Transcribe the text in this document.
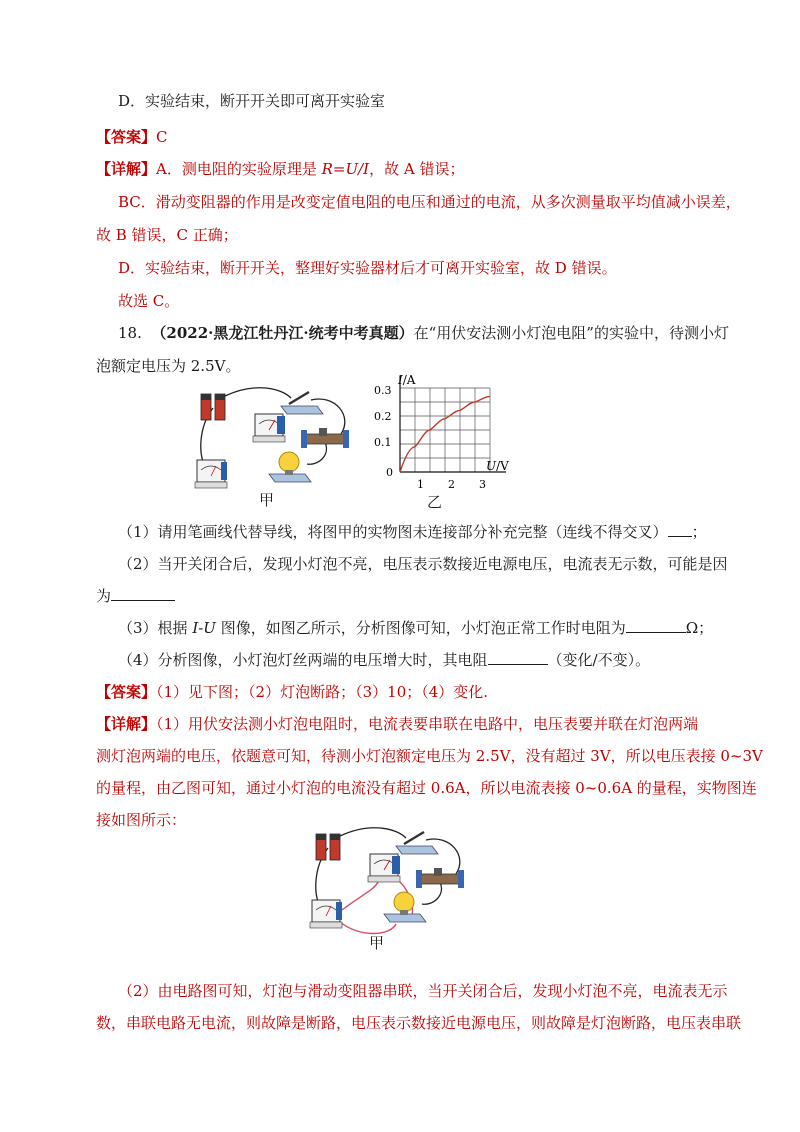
D．实验结束，断开开关即可离开实验室
【答案】C
【详解】A．测电阻的实验原理是 R=U/I，故 A 错误；
BC．滑动变阻器的作用是改变定值电阻的电压和通过的电流，从多次测量取平均值减小误差，
故 B 错误，C 正确；
D．实验结束，断开开关，整理好实验器材后才可离开实验室，故 D 错误。
故选 C。
18. （2022·黑龙江牡丹江·统考中考真题）在“用伏安法测小灯泡电阻”的实验中，待测小灯
泡额定电压为 2.5V。
甲
I/A
U/V
0.3
0.2
0.1
0
1 2 3
乙
（1）请用笔画线代替导线，将图甲的实物图未连接部分补充完整（连线不得交叉） ；
（2）当开关闭合后，发现小灯泡不亮，电压表示数接近电源电压，电流表无示数，可能是因
为
（3）根据 I-U 图像，如图乙所示，分析图像可知，小灯泡正常工作时电阻为	Ω；
（4）分析图像，小灯泡灯丝两端的电压增大时，其电阻	（变化/不变）。
【答案】（1）见下图；（2）灯泡断路；（3）10；（4）变化.
【详解】（1）用伏安法测小灯泡电阻时，电流表要串联在电路中，电压表要并联在灯泡两端
测灯泡两端的电压，依题意可知，待测小灯泡额定电压为 2.5V，没有超过 3V，所以电压表接 0~3V
的量程，由乙图可知，通过小灯泡的电流没有超过 0.6A，所以电流表接 0~0.6A 的量程，实物图连
接如图所示：
甲
（2）由电路图可知，灯泡与滑动变阻器串联，当开关闭合后，发现小灯泡不亮，电流表无示
数，串联电路无电流，则故障是断路，电压表示数接近电源电压，则故障是灯泡断路，电压表串联
